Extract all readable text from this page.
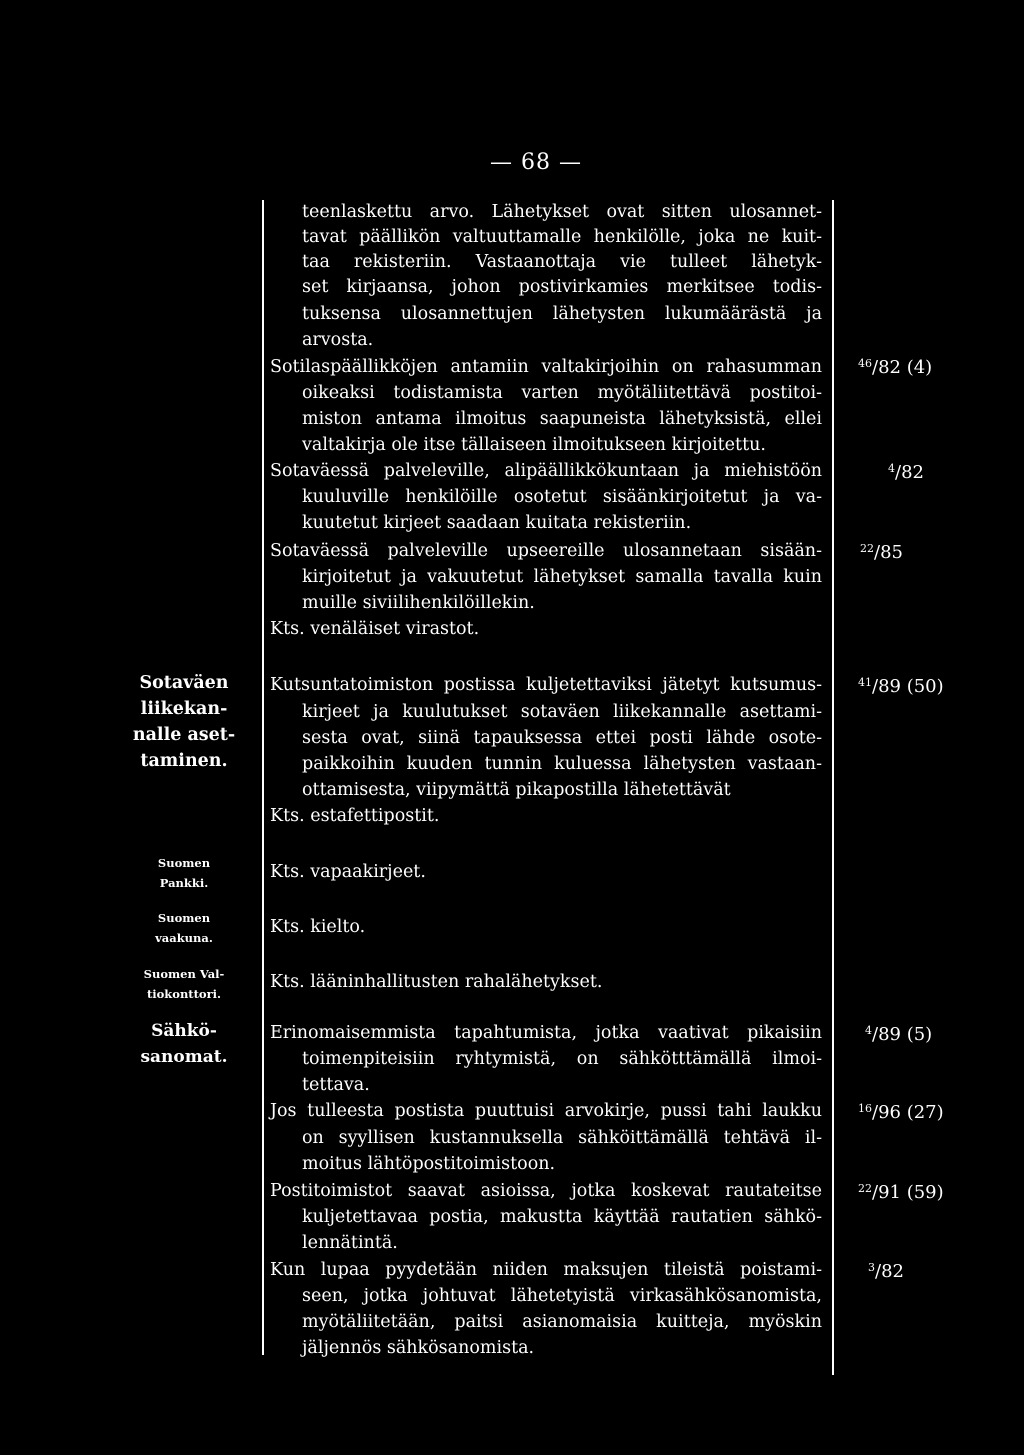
— 68 —
Sotaväen
liikekan-
nalle aset-
taminen.
Suomen
Pankki.
Suomen
vaakuna.
Suomen Val-
tiokonttori.
Sähkö-
sanomat.
teenlaskettu arvo. Lähetykset ovat sitten ulosannet-
tavat päällikön valtuuttamalle henkilölle, joka ne kuit-
taa rekisteriin. Vastaanottaja vie tulleet lähetyk-
set kirjaansa, johon postivirkamies merkitsee todis-
tuksensa ulosannettujen lähetysten lukumäärästä ja
arvosta.
Sotilaspäällikköjen antamiin valtakirjoihin on rahasumman
oikeaksi todistamista varten myötäliitettävä postitoi-
miston antama ilmoitus saapuneista lähetyksistä, ellei
valtakirja ole itse tällaiseen ilmoitukseen kirjoitettu.
$^{46}$/82 (4)
Sotaväessä palveleville, alipäällikkökuntaan ja miehistöön
kuuluville henkilöille osotetut sisäänkirjoitetut ja va-
kuutetut kirjeet saadaan kuitata rekisteriin.
$^4$/82
Sotaväessä palveleville upseereille ulosannetaan sisään-
kirjoitetut ja vakuutetut lähetykset samalla tavalla kuin
muille siviilihenkilöillekin.
$^{22}$/85
Kts. venäläiset virastot.
Kutsuntatoimiston postissa kuljetettaviksi jätetyt kutsumus-
kirjeet ja kuulutukset sotaväen liikekannalle asettami-
sesta ovat, siinä tapauksessa ettei posti lähde osote-
paikkoihin kuuden tunnin kuluessa lähetysten vastaan-
ottamisesta, viipymättä pikapostilla lähetettävät
$^{41}$/89 (50)
Kts. estafettipostit.
Kts. vapaakirjeet.
Kts. kielto.
Kts. lääninhallitusten rahalähetykset.
Erinomaisemmista tapahtumista, jotka vaativat pikaisiin
toimenpiteisiin ryhtymistä, on sähkötttämällä ilmoi-
tettava.
$^4$/89 (5)
Jos tulleesta postista puuttuisi arvokirje, pussi tahi laukku
on syyllisen kustannuksella sähköittämällä tehtävä il-
moitus lähtöpostitoimistoon.
$^{16}$/96 (27)
Postitoimistot saavat asioissa, jotka koskevat rautateitse
kuljetettavaa postia, makustta käyttää rautatien sähkö-
lennätintä.
$^{22}$/91 (59)
Kun lupaa pyydetään niiden maksujen tileistä poistami-
seen, jotka johtuvat lähetetyistä virkasähkösanomista,
myötäliitetään, paitsi asianomaisia kuitteja, myöskin
jäljennös sähkösanomista.
$^3$/82
